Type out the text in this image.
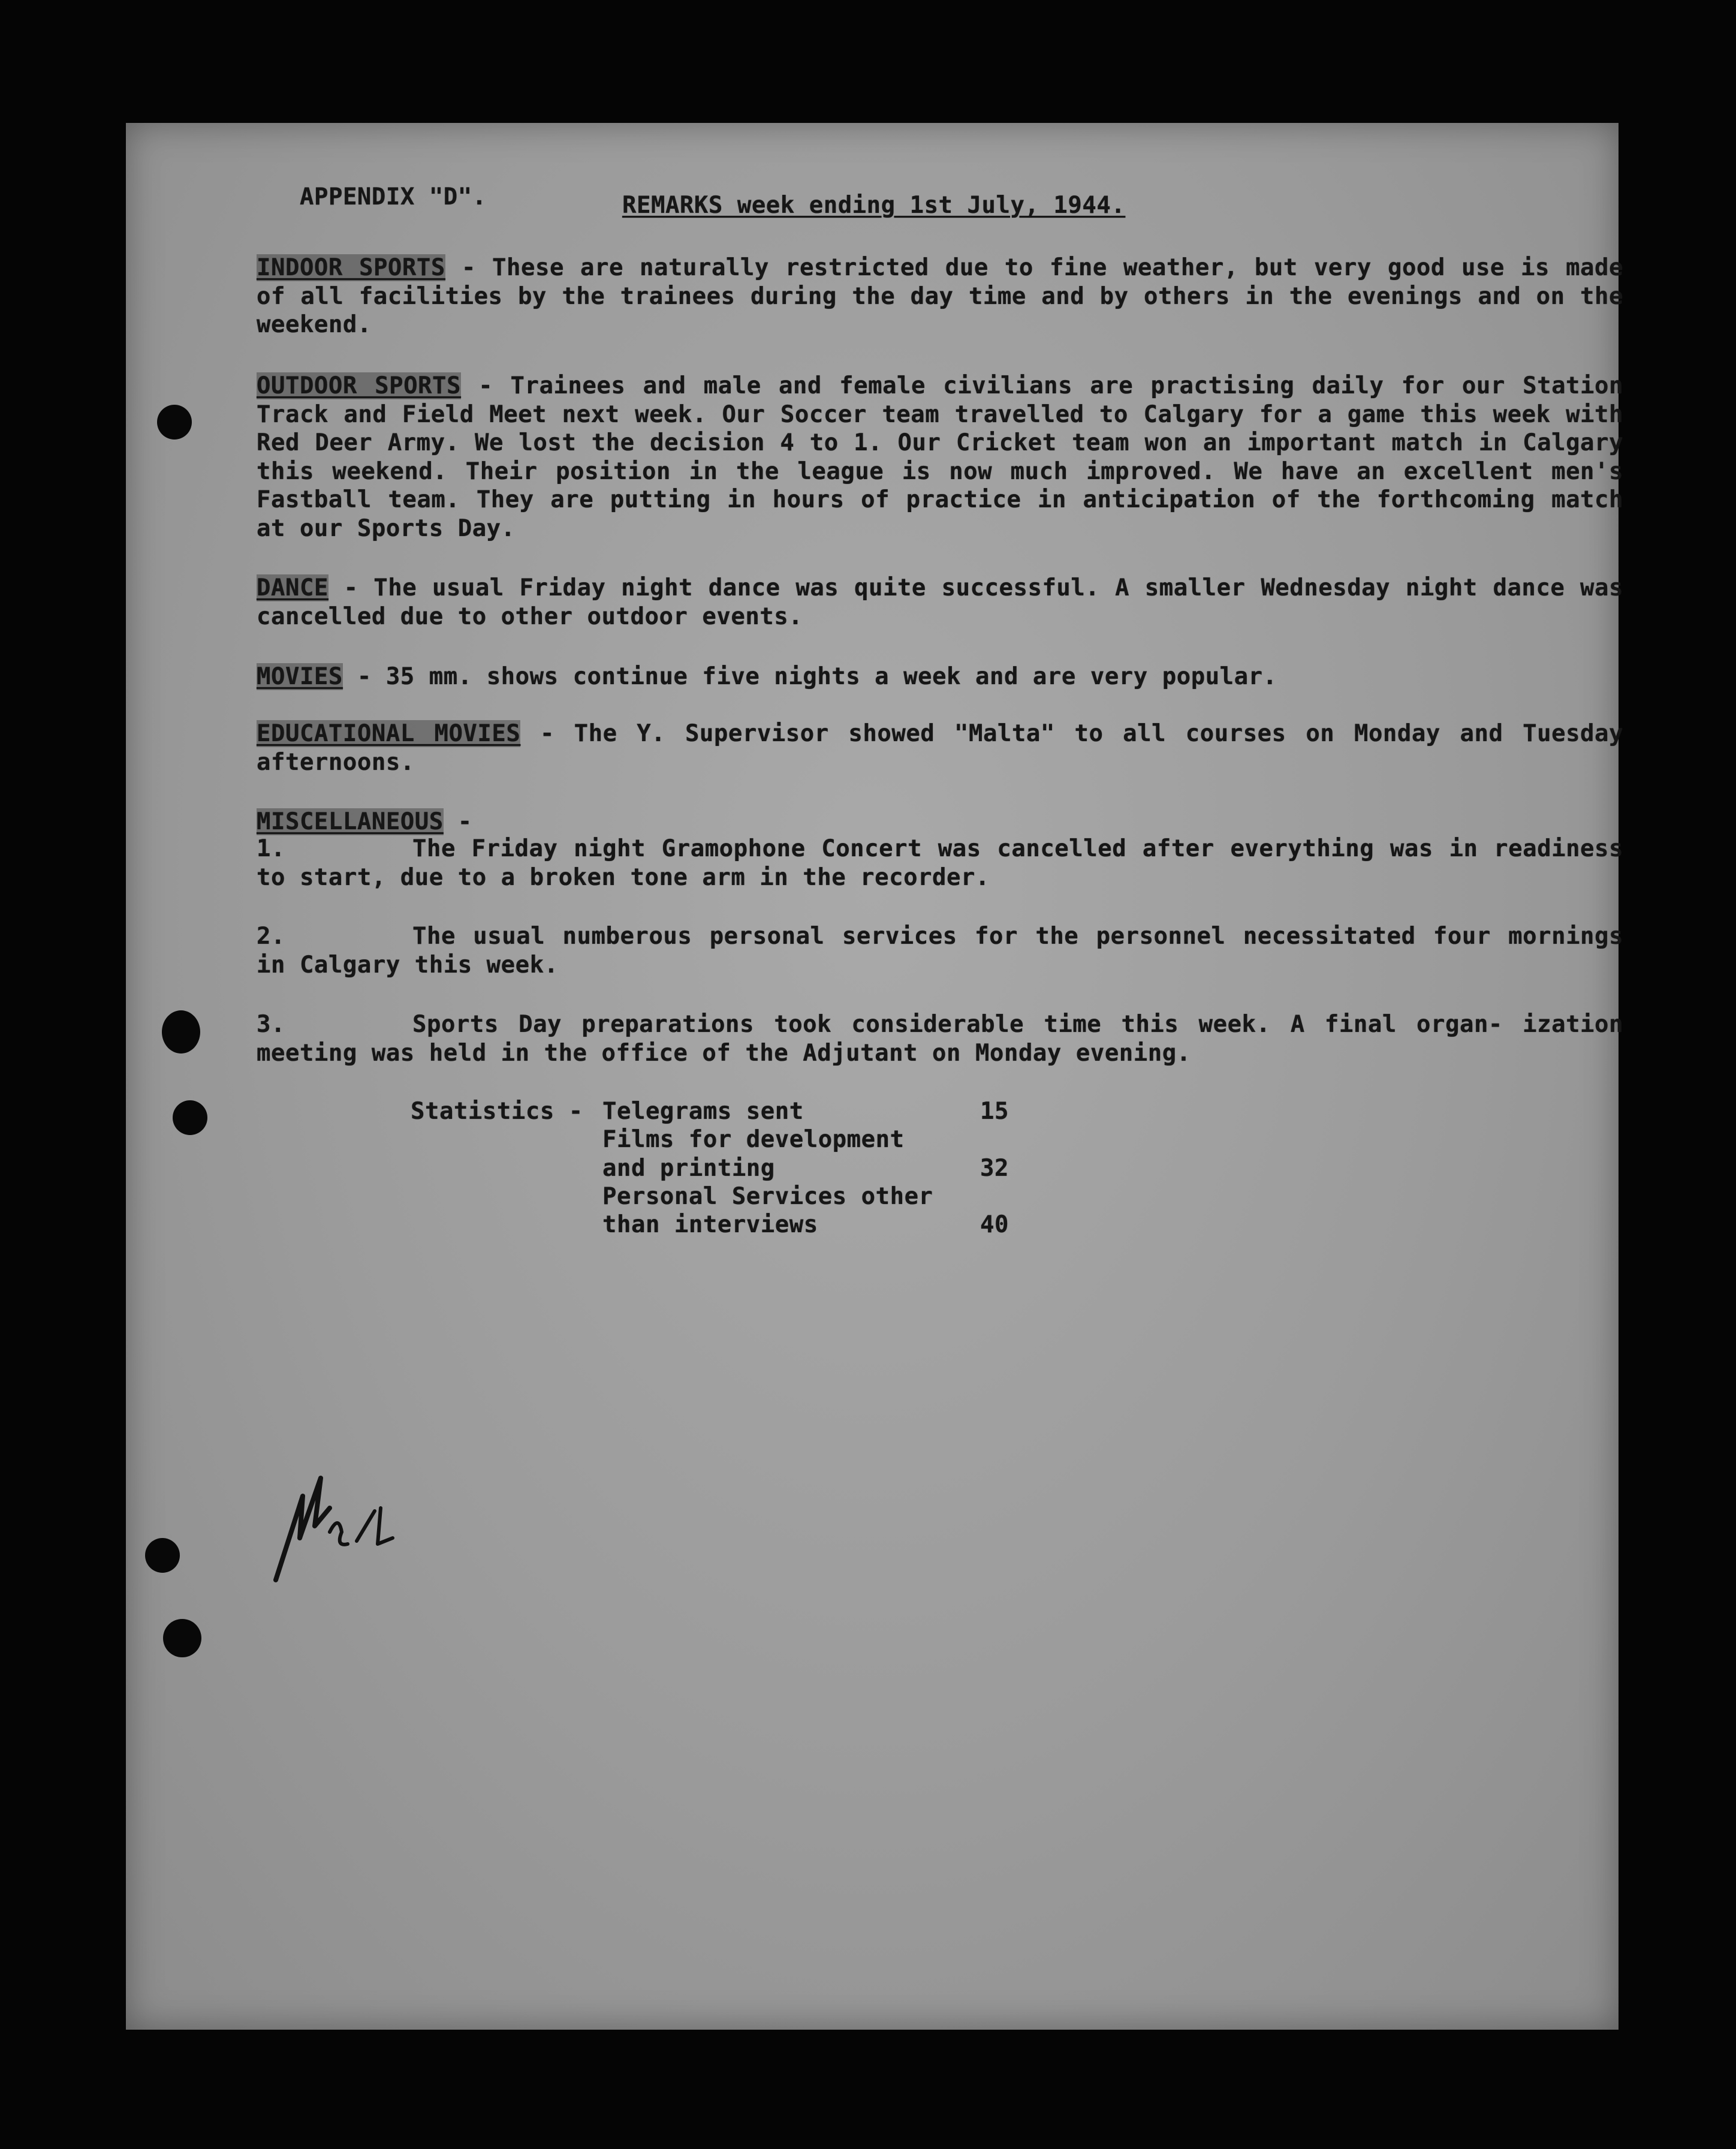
APPENDIX "D".	REMARKS week ending 1st July, 1944.
INDOOR SPORTS - These are naturally restricted due to fine weather, but very good use is made of all facilities by the trainees during the day time and by others in the evenings and on the weekend.
OUTDOOR SPORTS - Trainees and male and female civilians are practising daily for our Station Track and Field Meet next week. Our Soccer team travelled to Calgary for a game this week with Red Deer Army. We lost the decision 4 to 1. Our Cricket team won an important match in Calgary this weekend. Their position in the league is now much improved. We have an excellent men's Fastball team. They are putting in hours of practice in anticipation of the forthcoming match at our Sports Day.
DANCE - The usual Friday night dance was quite successful. A smaller Wednesday night dance was cancelled due to other outdoor events.
MOVIES - 35 mm. shows continue five nights a week and are very popular.
EDUCATIONAL MOVIES - The Y. Supervisor showed "Malta" to all courses on Monday and Tuesday afternoons.
MISCELLANEOUS -
1.	The Friday night Gramophone Concert was cancelled after everything was in readiness to start, due to a broken tone arm in the recorder.
2.	The usual numberous personal services for the personnel necessitated four mornings in Calgary this week.
3.	Sports Day preparations took considerable time this week. A final organ- ization meeting was held in the office of the Adjutant on Monday evening.
Statistics - Telegrams sent	15
Films for development
and printing	32
Personal Services other
than interviews	40
